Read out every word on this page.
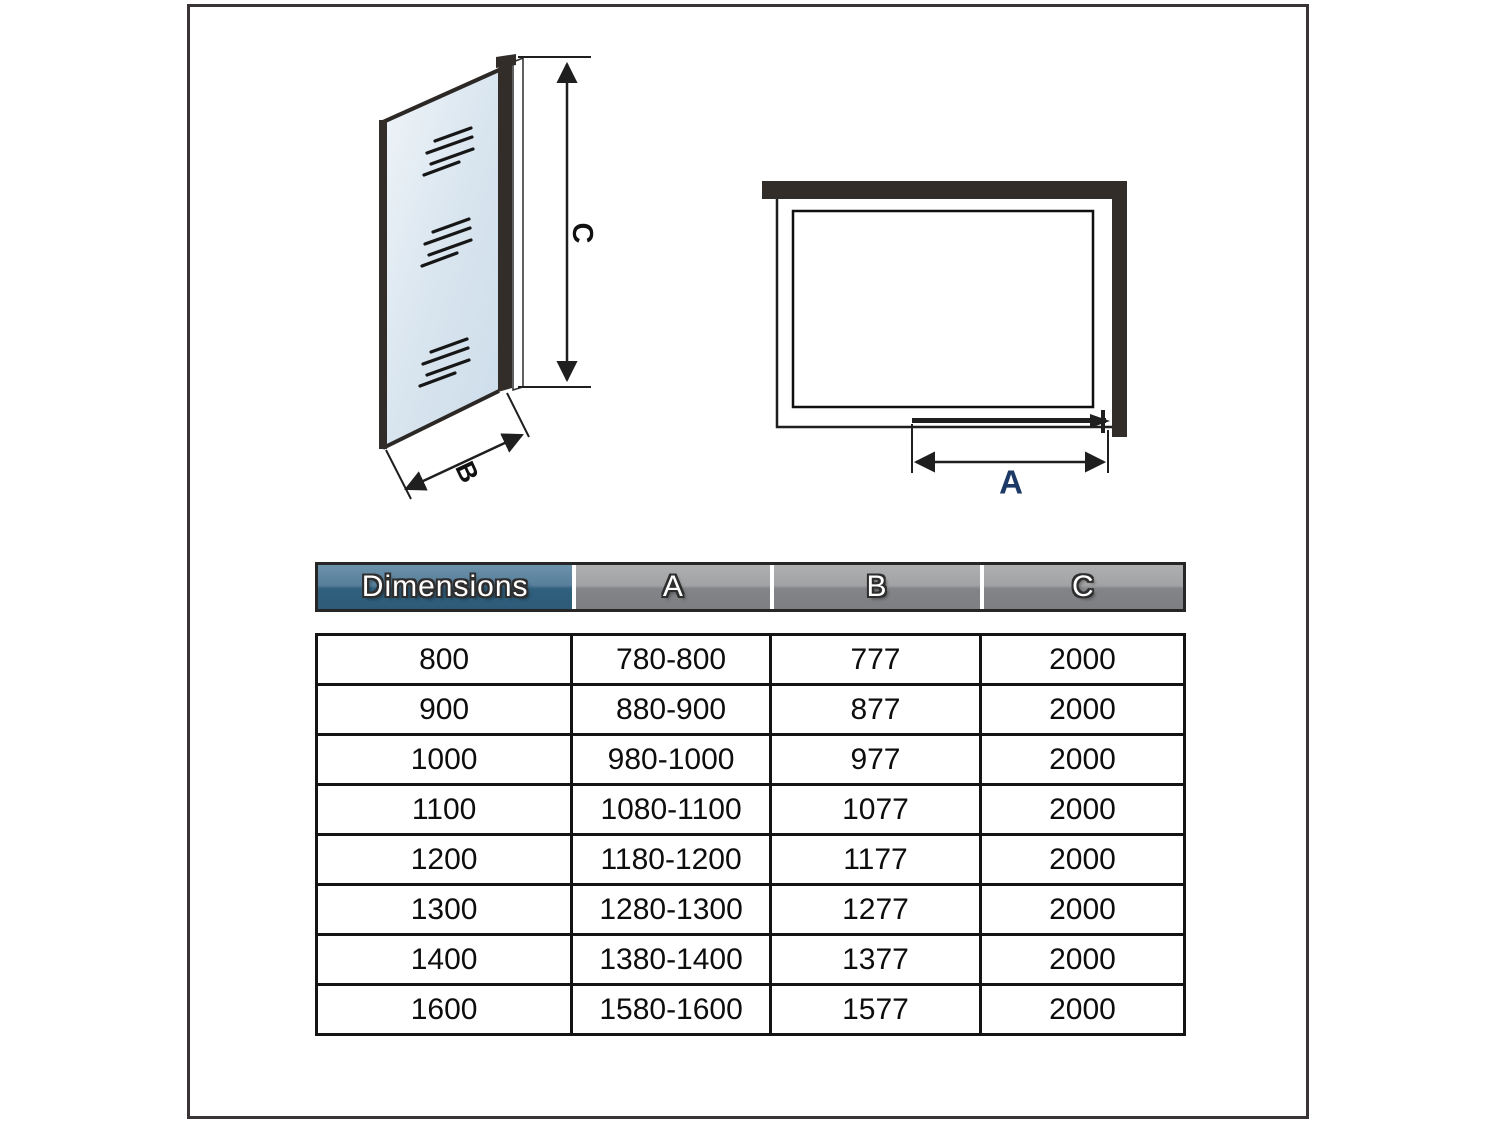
C
B	A
Dimensions	A	B	C
800	780-800	777	2000
900	880-900	877	2000
1000	980-1000	977	2000
1100	1080-1100	1077	2000
1200	1180-1200	1177	2000
1300	1280-1300	1277	2000
1400	1380-1400	1377	2000
1600	1580-1600	1577	2000
